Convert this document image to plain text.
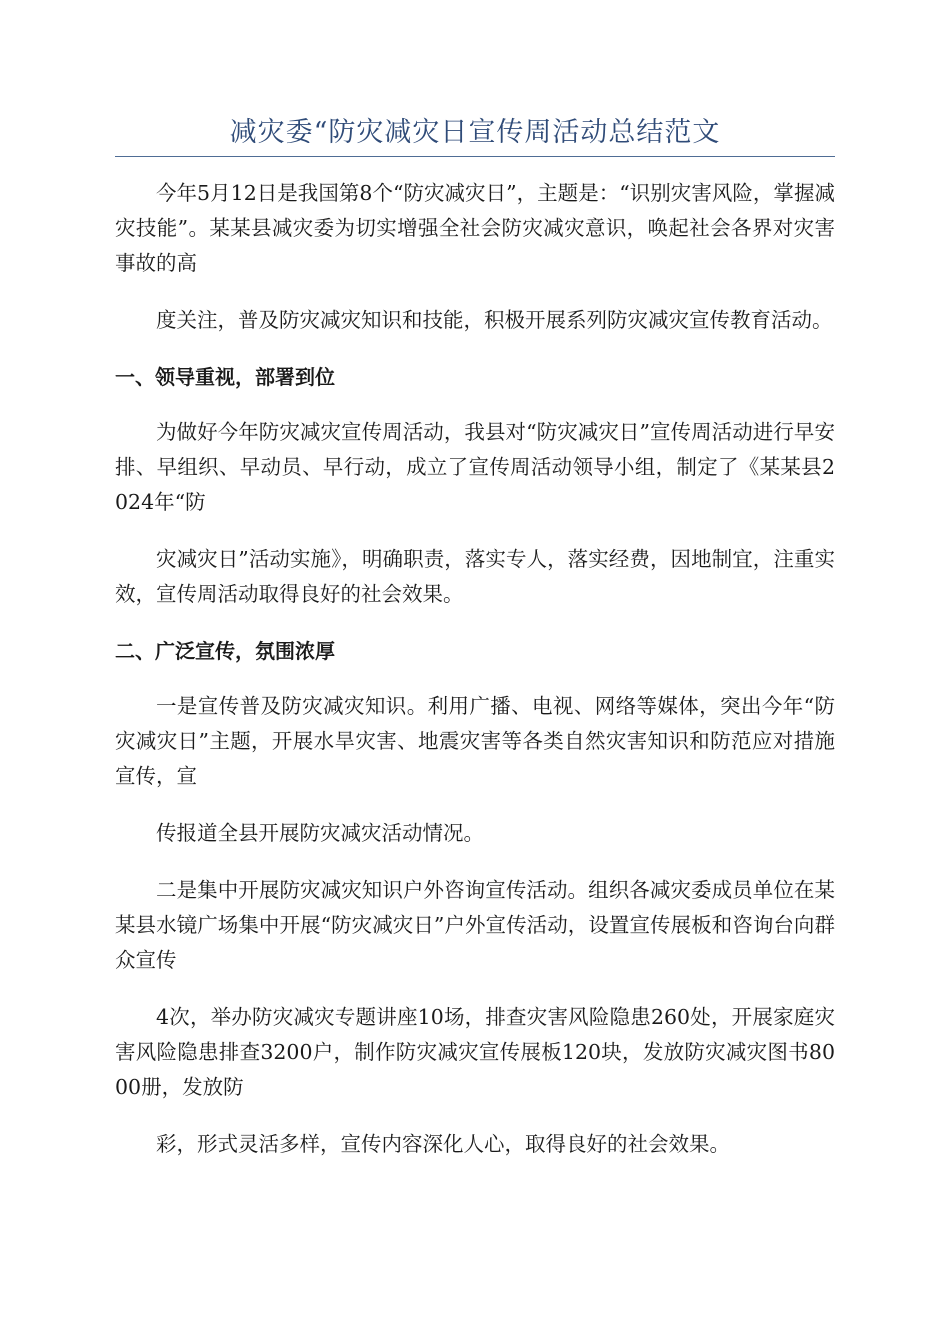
减灾委“防灾减灾日宣传周活动总结范文

今年5月12日是我国第8个“防灾减灾日”，主题是：“识别灾害风险，掌握减灾技能”。某某县减灾委为切实增强全社会防灾减灾意识，唤起社会各界对灾害事故的高

度关注，普及防灾减灾知识和技能，积极开展系列防灾减灾宣传教育活动。

一、领导重视，部署到位

为做好今年防灾减灾宣传周活动，我县对“防灾减灾日”宣传周活动进行早安排、早组织、早动员、早行动，成立了宣传周活动领导小组，制定了《某某县2024年“防

灾减灾日”活动实施》，明确职责，落实专人，落实经费，因地制宜，注重实效，宣传周活动取得良好的社会效果。

二、广泛宣传，氛围浓厚

一是宣传普及防灾减灾知识。利用广播、电视、网络等媒体，突出今年“防灾减灾日”主题，开展水旱灾害、地震灾害等各类自然灾害知识和防范应对措施宣传，宣

传报道全县开展防灾减灾活动情况。

二是集中开展防灾减灾知识户外咨询宣传活动。组织各减灾委成员单位在某某县水镜广场集中开展“防灾减灾日”户外宣传活动，设置宣传展板和咨询台向群众宣传

4次，举办防灾减灾专题讲座10场，排查灾害风险隐患260处，开展家庭灾害风险隐患排查3200户，制作防灾减灾宣传展板120块，发放防灾减灾图书8000册，发放防

彩，形式灵活多样，宣传内容深化人心，取得良好的社会效果。
